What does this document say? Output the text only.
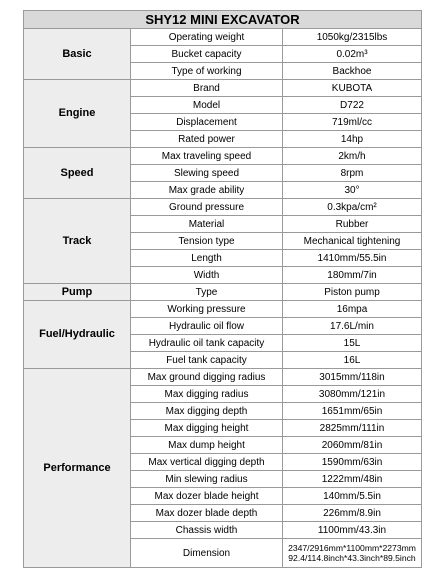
SHY12 MINI EXCAVATOR		
Basic	Operating weight	1050kg/2315lbs
	Bucket capacity	0.02m³
	Type of working	Backhoe
Engine	Brand	KUBOTA
	Model	D722
	Displacement	719ml/cc
	Rated power	14hp
Speed	Max traveling speed	2km/h
	Slewing speed	8rpm
	Max grade ability	30°
Track	Ground pressure	0.3kpa/cm²
	Material	Rubber
	Tension type	Mechanical tightening
	Length	1410mm/55.5in
	Width	180mm/7in
Pump	Type	Piston pump
Fuel/Hydraulic	Working pressure	16mpa
	Hydraulic oil flow	17.6L/min
	Hydraulic oil tank capacity	15L
	Fuel tank capacity	16L
Performance	Max ground digging radius	3015mm/118in
	Max digging radius	3080mm/121in
	Max digging depth	1651mm/65in
	Max digging height	2825mm/111in
	Max dump height	2060mm/81in
	Max vertical digging depth	1590mm/63in
	Min slewing radius	1222mm/48in
	Max dozer blade height	140mm/5.5in
	Max dozer blade depth	226mm/8.9in
	Chassis width	1100mm/43.3in
	Dimension	2347/2916mm*1100mm*2273mm
92.4/114.8inch*43.3inch*89.5inch
